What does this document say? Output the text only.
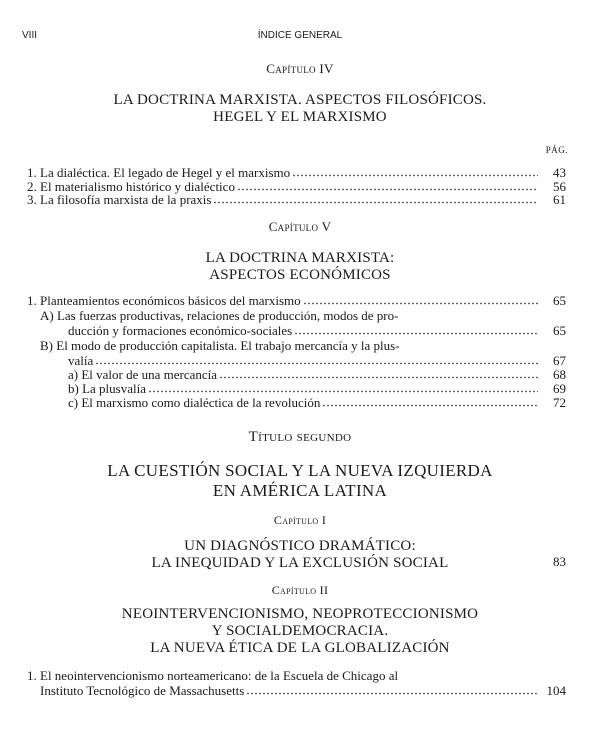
VIII	ÍNDICE GENERAL
Capítulo IV
LA DOCTRINA MARXISTA. ASPECTOS FILOSÓFICOS.
HEGEL Y EL MARXISMO
PÁG.
1. La dialéctica. El legado de Hegel y el marxismo	43
2. El materialismo histórico y dialéctico	56
3. La filosofía marxista de la praxis	61
Capítulo V
LA DOCTRINA MARXISTA:
ASPECTOS ECONÓMICOS
1. Planteamientos económicos básicos del marxismo	65
A) Las fuerzas productivas, relaciones de producción, modos de pro-
ducción y formaciones económico-sociales	65
B) El modo de producción capitalista. El trabajo mercancía y la plus-
valía	67
a) El valor de una mercancía	68
b) La plusvalía	69
c) El marxismo como dialéctica de la revolución	72
Título segundo
LA CUESTIÓN SOCIAL Y LA NUEVA IZQUIERDA
EN AMÉRICA LATINA
Capítulo I
UN DIAGNÓSTICO DRAMÁTICO:
LA INEQUIDAD Y LA EXCLUSIÓN SOCIAL	83
Capítulo II
NEOINTERVENCIONISMO, NEOPROTECCIONISMO
Y SOCIALDEMOCRACIA.
LA NUEVA ÉTICA DE LA GLOBALIZACIÓN
1. El neointervencionismo norteamericano: de la Escuela de Chicago al
Instituto Tecnológico de Massachusetts	104
